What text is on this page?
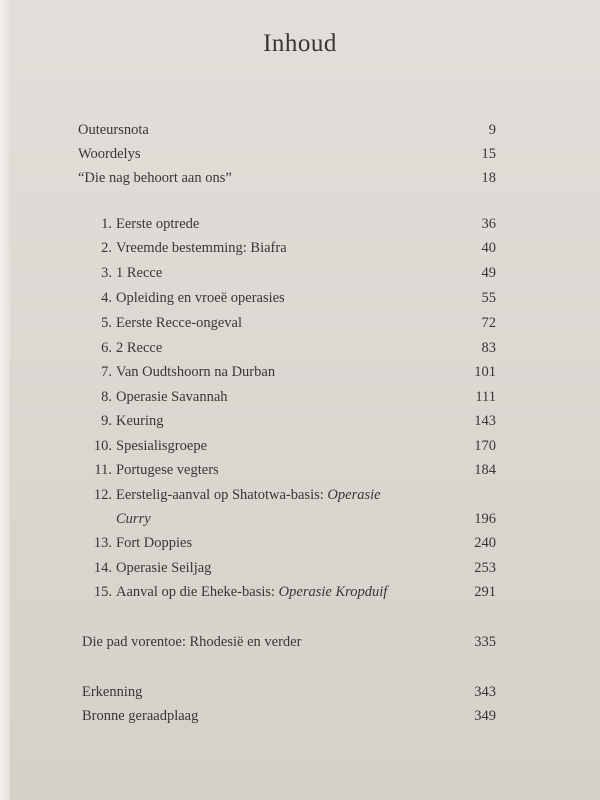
Inhoud
Outeursnota	9
Woordelys	15
“Die nag behoort aan ons”	18
1. Eerste optrede	36
2. Vreemde bestemming: Biafra	40
3. 1 Recce	49
4. Opleiding en vroeë operasies	55
5. Eerste Recce-ongeval	72
6. 2 Recce	83
7. Van Oudtshoorn na Durban	101
8. Operasie Savannah	111
9. Keuring	143
10. Spesialisgroepe	170
11. Portugese vegters	184
12. Eerstelig-aanval op Shatotwa-basis: Operasie
Curry	196
13. Fort Doppies	240
14. Operasie Seiljag	253
15. Aanval op die Eheke-basis: Operasie Kropduif	291
Die pad vorentoe: Rhodesië en verder	335
Erkenning	343
Bronne geraadplaag	349
